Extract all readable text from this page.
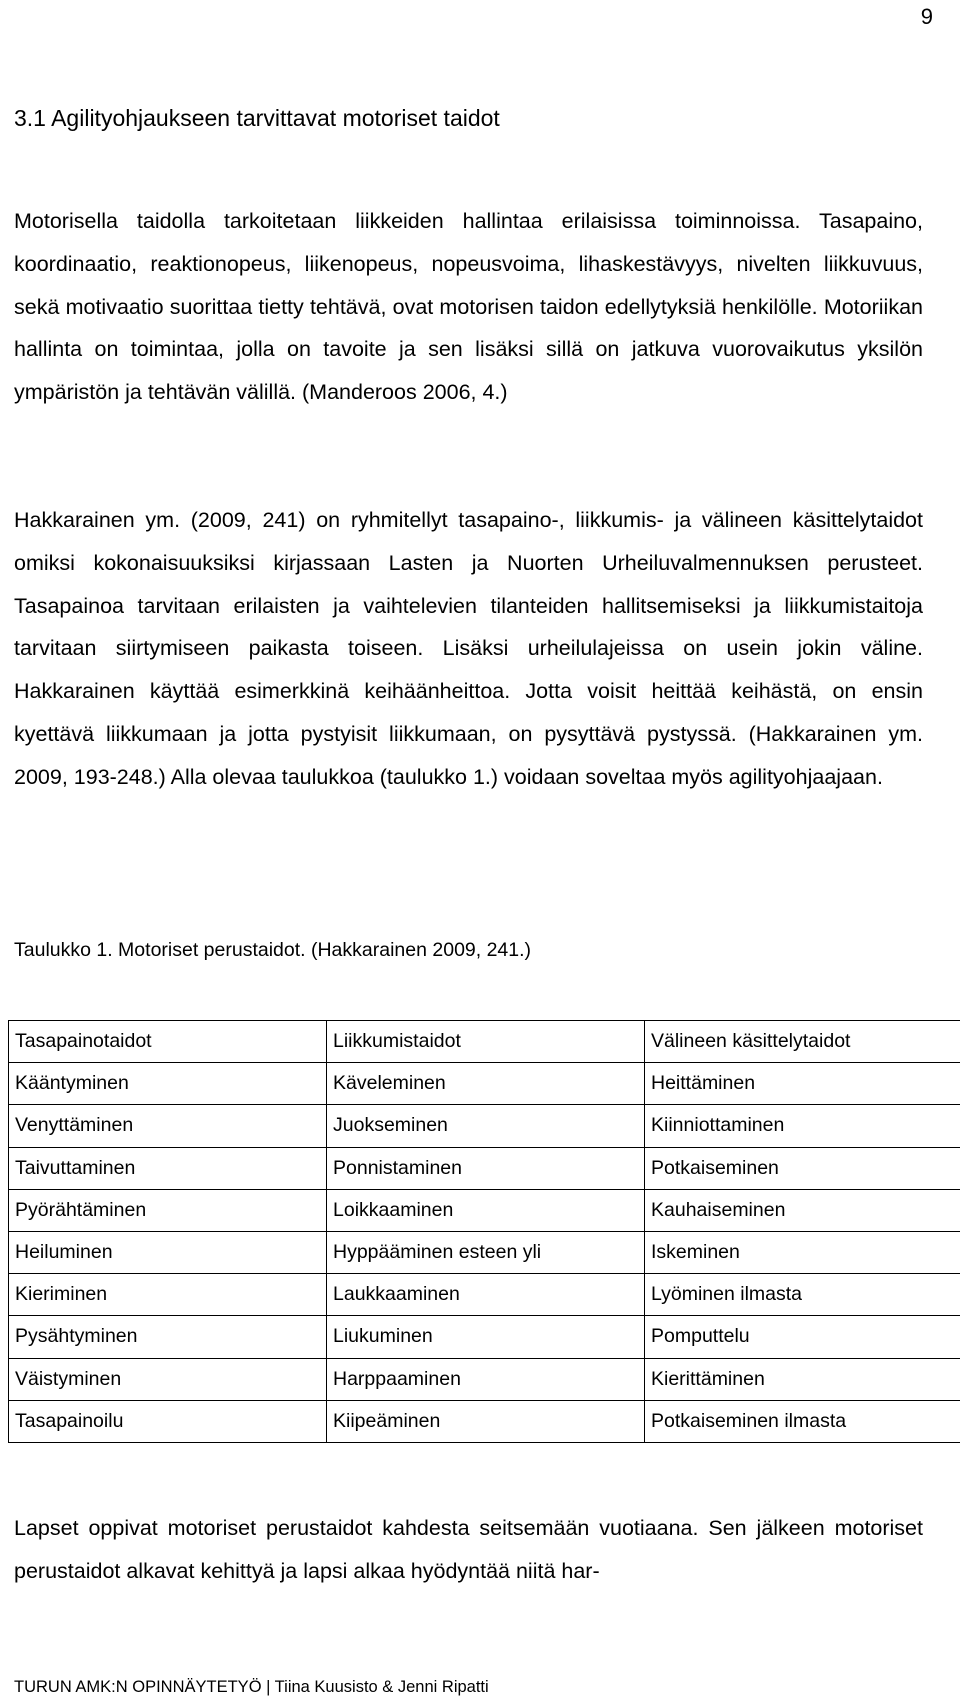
9
3.1 Agilityohjaukseen tarvittavat motoriset taidot

Motorisella taidolla tarkoitetaan liikkeiden hallintaa erilaisissa toiminnoissa. Tasapaino, koordinaatio, reaktionopeus, liikenopeus, nopeusvoima, lihaskestävyys, nivelten liikkuvuus, sekä motivaatio suorittaa tietty tehtävä, ovat motorisen taidon edellytyksiä henkilölle. Motoriikan hallinta on toimintaa, jolla on tavoite ja sen lisäksi sillä on jatkuva vuorovaikutus yksilön ympäristön ja tehtävän välillä. (Manderoos 2006, 4.)

Hakkarainen ym. (2009, 241) on ryhmitellyt tasapaino-, liikkumis- ja välineen käsittelytaidot omiksi kokonaisuuksiksi kirjassaan Lasten ja Nuorten Urheiluvalmennuksen perusteet. Tasapainoa tarvitaan erilaisten ja vaihtelevien tilanteiden hallitsemiseksi ja liikkumistaitoja tarvitaan siirtymiseen paikasta toiseen. Lisäksi urheilulajeissa on usein jokin väline. Hakkarainen käyttää esimerkkinä keihäänheittoa. Jotta voisit heittää keihästä, on ensin kyettävä liikkumaan ja jotta pystyisit liikkumaan, on pysyttävä pystyssä. (Hakkarainen ym. 2009, 193-248.) Alla olevaa taulukkoa (taulukko 1.) voidaan soveltaa myös agilityohjaajaan.

Taulukko 1. Motoriset perustaidot. (Hakkarainen 2009, 241.)

Tasapainotaidot	Liikkumistaidot	Välineen käsittelytaidot
Kääntyminen	Käveleminen	Heittäminen
Venyttäminen	Juokseminen	Kiinniottaminen
Taivuttaminen	Ponnistaminen	Potkaiseminen
Pyörähtäminen	Loikkaaminen	Kauhaiseminen
Heiluminen	Hyppääminen esteen yli	Iskeminen
Kieriminen	Laukkaaminen	Lyöminen ilmasta
Pysähtyminen	Liukuminen	Pomputtelu
Väistyminen	Harppaaminen	Kierittäminen
Tasapainoilu	Kiipeäminen	Potkaiseminen ilmasta

Lapset oppivat motoriset perustaidot kahdesta seitsemään vuotiaana. Sen jälkeen motoriset perustaidot alkavat kehittyä ja lapsi alkaa hyödyntää niitä har-

TURUN AMK:N OPINNÄYTETYÖ | Tiina Kuusisto & Jenni Ripatti
